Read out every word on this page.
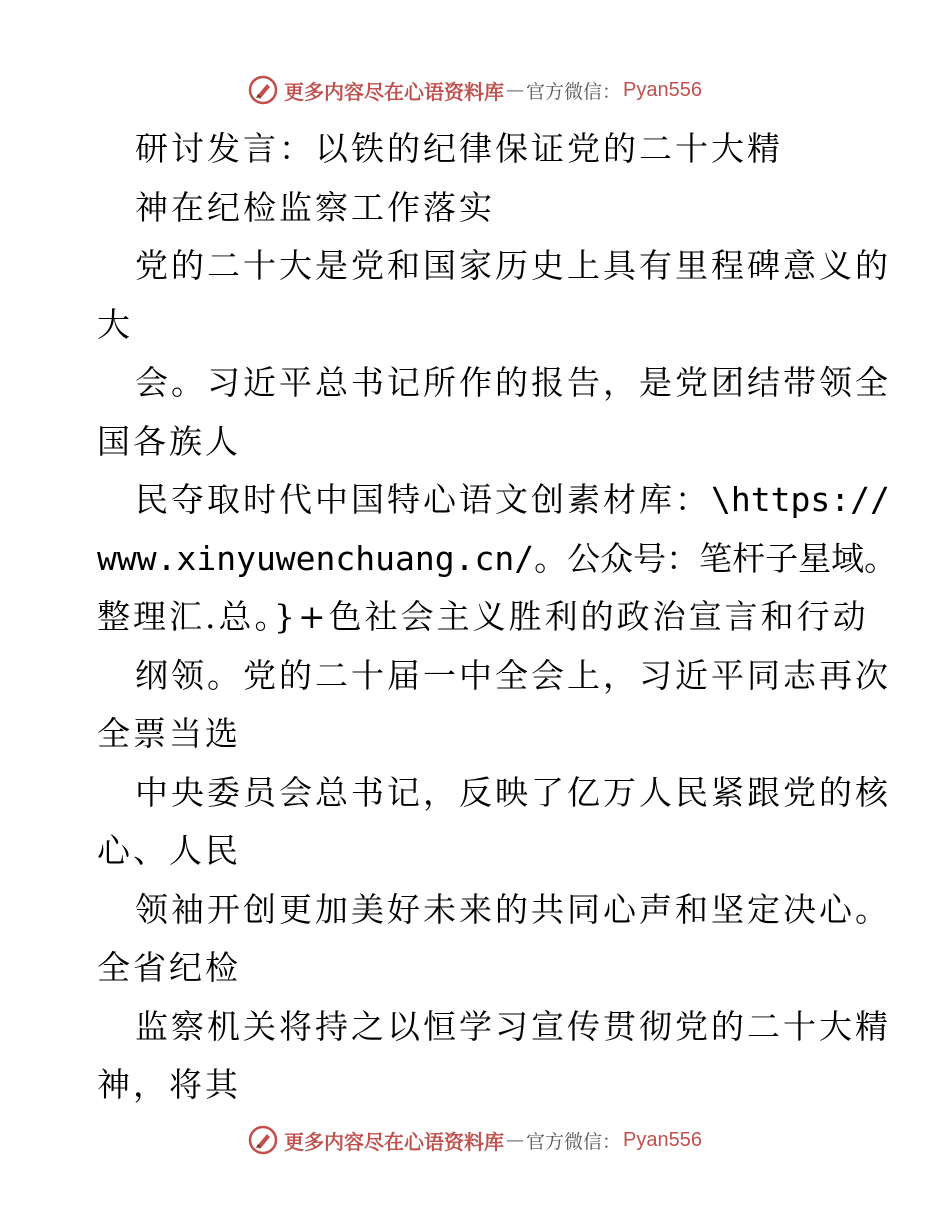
更多内容尽在心语资料库 — 官方微信： Pyan556
研讨发言：以铁的纪律保证党的二十大精
神在纪检监察工作落实
党的二十大是党和国家历史上具有里程碑意义的
大
会。习近平总书记所作的报告，是党团结带领全
国各族人
民夺取时代中国特心语文创素材库：\https://
www.xinyuwenchuang.cn/。公众号：笔杆子星域。
整理汇.总。}+色社会主义胜利的政治宣言和行动
纲领。党的二十届一中全会上，习近平同志再次
全票当选
中央委员会总书记，反映了亿万人民紧跟党的核
心、人民
领袖开创更加美好未来的共同心声和坚定决心。
全省纪检
监察机关将持之以恒学习宣传贯彻党的二十大精
神，将其
更多内容尽在心语资料库 — 官方微信： Pyan556
